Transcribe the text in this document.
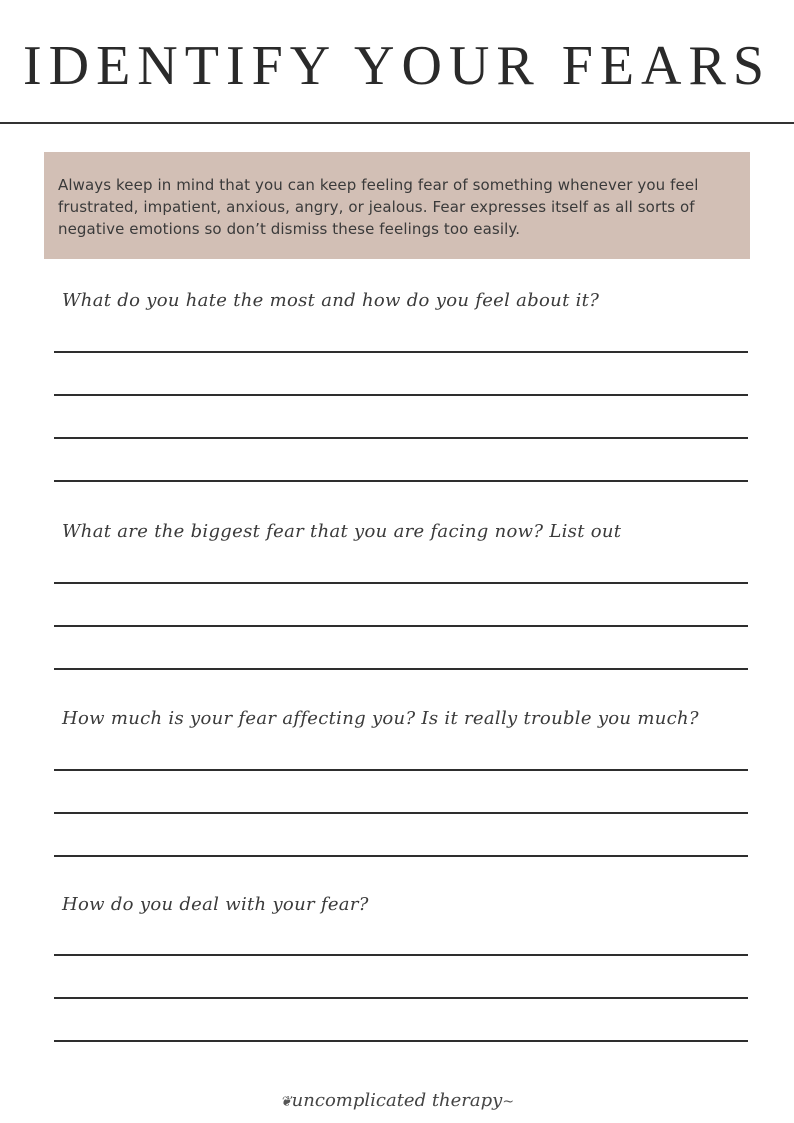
IDENTIFY YOUR FEARS

Always keep in mind that you can keep feeling fear of something whenever you feel frustrated, impatient, anxious, angry, or jealous. Fear expresses itself as all sorts of negative emotions so don’t dismiss these feelings too easily.

What do you hate the most and how do you feel about it?

What are the biggest fear that you are facing now? List out

How much is your fear affecting you? Is it really trouble you much?

How do you deal with your fear?

❦uncomplicated therapy~
